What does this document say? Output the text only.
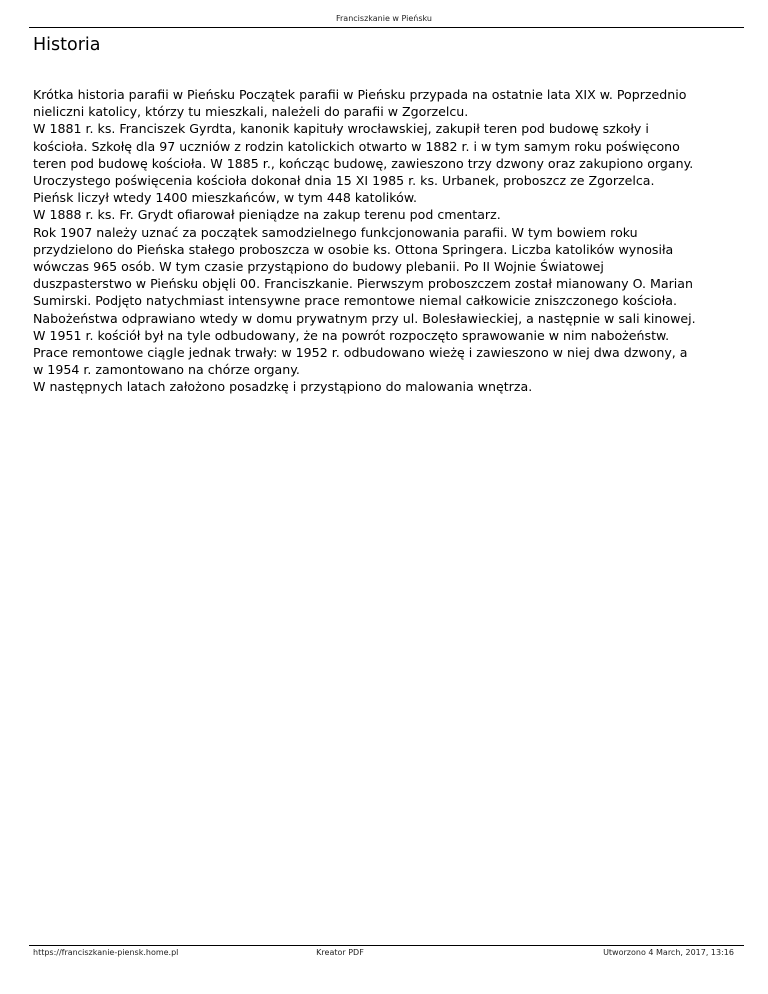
Franciszkanie w Pieńsku
Historia

Krótka historia parafii w Pieńsku Początek parafii w Pieńsku przypada na ostatnie lata XIX w. Poprzednio

nieliczni katolicy, którzy tu mieszkali, należeli do parafii w Zgorzelcu.

W 1881 r. ks. Franciszek Gyrdta, kanonik kapituły wrocławskiej, zakupił teren pod budowę szkoły i

kościoła. Szkołę dla 97 uczniów z rodzin katolickich otwarto w 1882 r. i w tym samym roku poświęcono

teren pod budowę kościoła. W 1885 r., kończąc budowę, zawieszono trzy dzwony oraz zakupiono organy.

Uroczystego poświęcenia kościoła dokonał dnia 15 XI 1985 r. ks. Urbanek, proboszcz ze Zgorzelca.

Pieńsk liczył wtedy 1400 mieszkańców, w tym 448 katolików.

W 1888 r. ks. Fr. Grydt ofiarował pieniądze na zakup terenu pod cmentarz.

Rok 1907 należy uznać za początek samodzielnego funkcjonowania parafii. W tym bowiem roku

przydzielono do Pieńska stałego proboszcza w osobie ks. Ottona Springera. Liczba katolików wynosiła

wówczas 965 osób. W tym czasie przystąpiono do budowy plebanii. Po II Wojnie Światowej

duszpasterstwo w Pieńsku objęli 00. Franciszkanie. Pierwszym proboszczem został mianowany O. Marian

Sumirski. Podjęto natychmiast intensywne prace remontowe niemal całkowicie zniszczonego kościoła.

Nabożeństwa odprawiano wtedy w domu prywatnym przy ul. Bolesławieckiej, a następnie w sali kinowej.

W 1951 r. kościół był na tyle odbudowany, że na powrót rozpoczęto sprawowanie w nim nabożeństw.

Prace remontowe ciągle jednak trwały: w 1952 r. odbudowano wieżę i zawieszono w niej dwa dzwony, a

w 1954 r. zamontowano na chórze organy.

W następnych latach założono posadzkę i przystąpiono do malowania wnętrza.

https://franciszkanie-piensk.home.pl	Kreator PDF	Utworzono 4 March, 2017, 13:16
